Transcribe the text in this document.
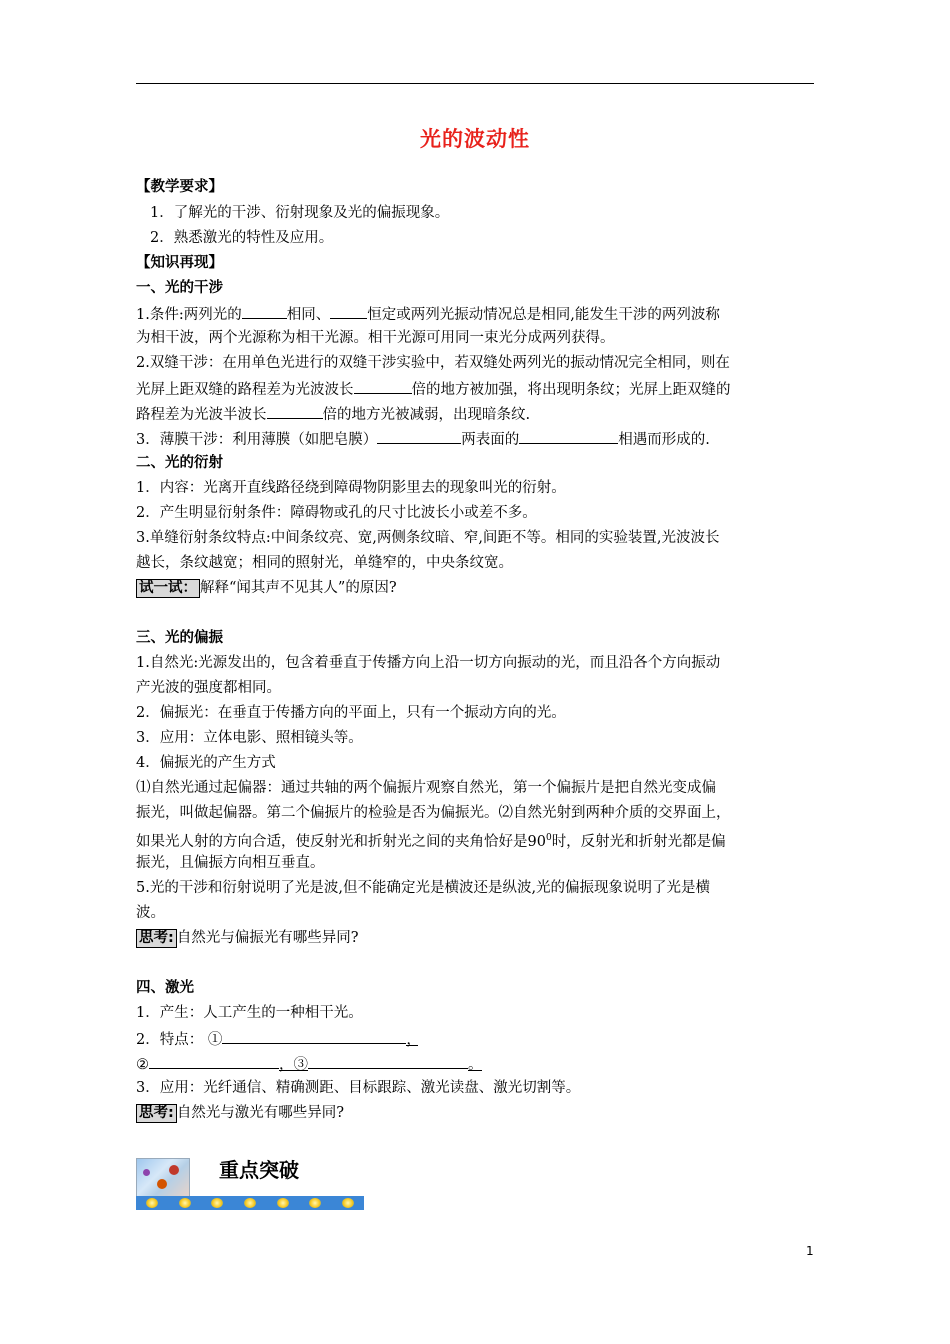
光的波动性
【教学要求】
1．了解光的干涉、衍射现象及光的偏振现象。
2．熟悉激光的特性及应用。
【知识再现】
一、光的干涉
1.条件:两列光的	相同、	恒定或两列光振动情况总是相同,能发生干涉的两列波称
为相干波，两个光源称为相干光源。相干光源可用同一束光分成两列获得。
2.双缝干涉：在用单色光进行的双缝干涉实验中，若双缝处两列光的振动情况完全相同，则在
光屏上距双缝的路程差为光波波长	倍的地方被加强，将出现明条纹；光屏上距双缝的
路程差为光波半波长	倍的地方光被减弱，出现暗条纹.
3．薄膜干涉：利用薄膜（如肥皂膜）	两表面的	相遇而形成的.
二、光的衍射
1．内容：光离开直线路径绕到障碍物阴影里去的现象叫光的衍射。
2．产生明显衍射条件：障碍物或孔的尺寸比波长小或差不多。
3.单缝衍射条纹特点:中间条纹亮、宽,两侧条纹暗、窄,间距不等。相同的实验装置,光波波长
越长，条纹越宽；相同的照射光，单缝窄的，中央条纹宽。
试一试： 解释“闻其声不见其人”的原因?
三、光的偏振
1.自然光:光源发出的，包含着垂直于传播方向上沿一切方向振动的光，而且沿各个方向振动
产光波的强度都相同。
2．偏振光：在垂直于传播方向的平面上，只有一个振动方向的光。
3．应用：立体电影、照相镜头等。
4．偏振光的产生方式
⑴自然光通过起偏器：通过共轴的两个偏振片观察自然光，第一个偏振片是把自然光变成偏
振光，叫做起偏器。第二个偏振片的检验是否为偏振光。⑵自然光射到两种介质的交界面上，
如果光人射的方向合适，使反射光和折射光之间的夹角恰好是$90^0$时，反射光和折射光都是偏
振光，且偏振方向相互垂直。
5.光的干涉和衍射说明了光是波,但不能确定光是横波还是纵波,光的偏振现象说明了光是横
波。
思考: 自然光与偏振光有哪些异同?
四、激光
1．产生：人工产生的一种相干光。
2．特点： ①	，
②	，③	。
3．应用：光纤通信、精确测距、目标跟踪、激光读盘、激光切割等。
思考: 自然光与激光有哪些异同?
重点突破
1
